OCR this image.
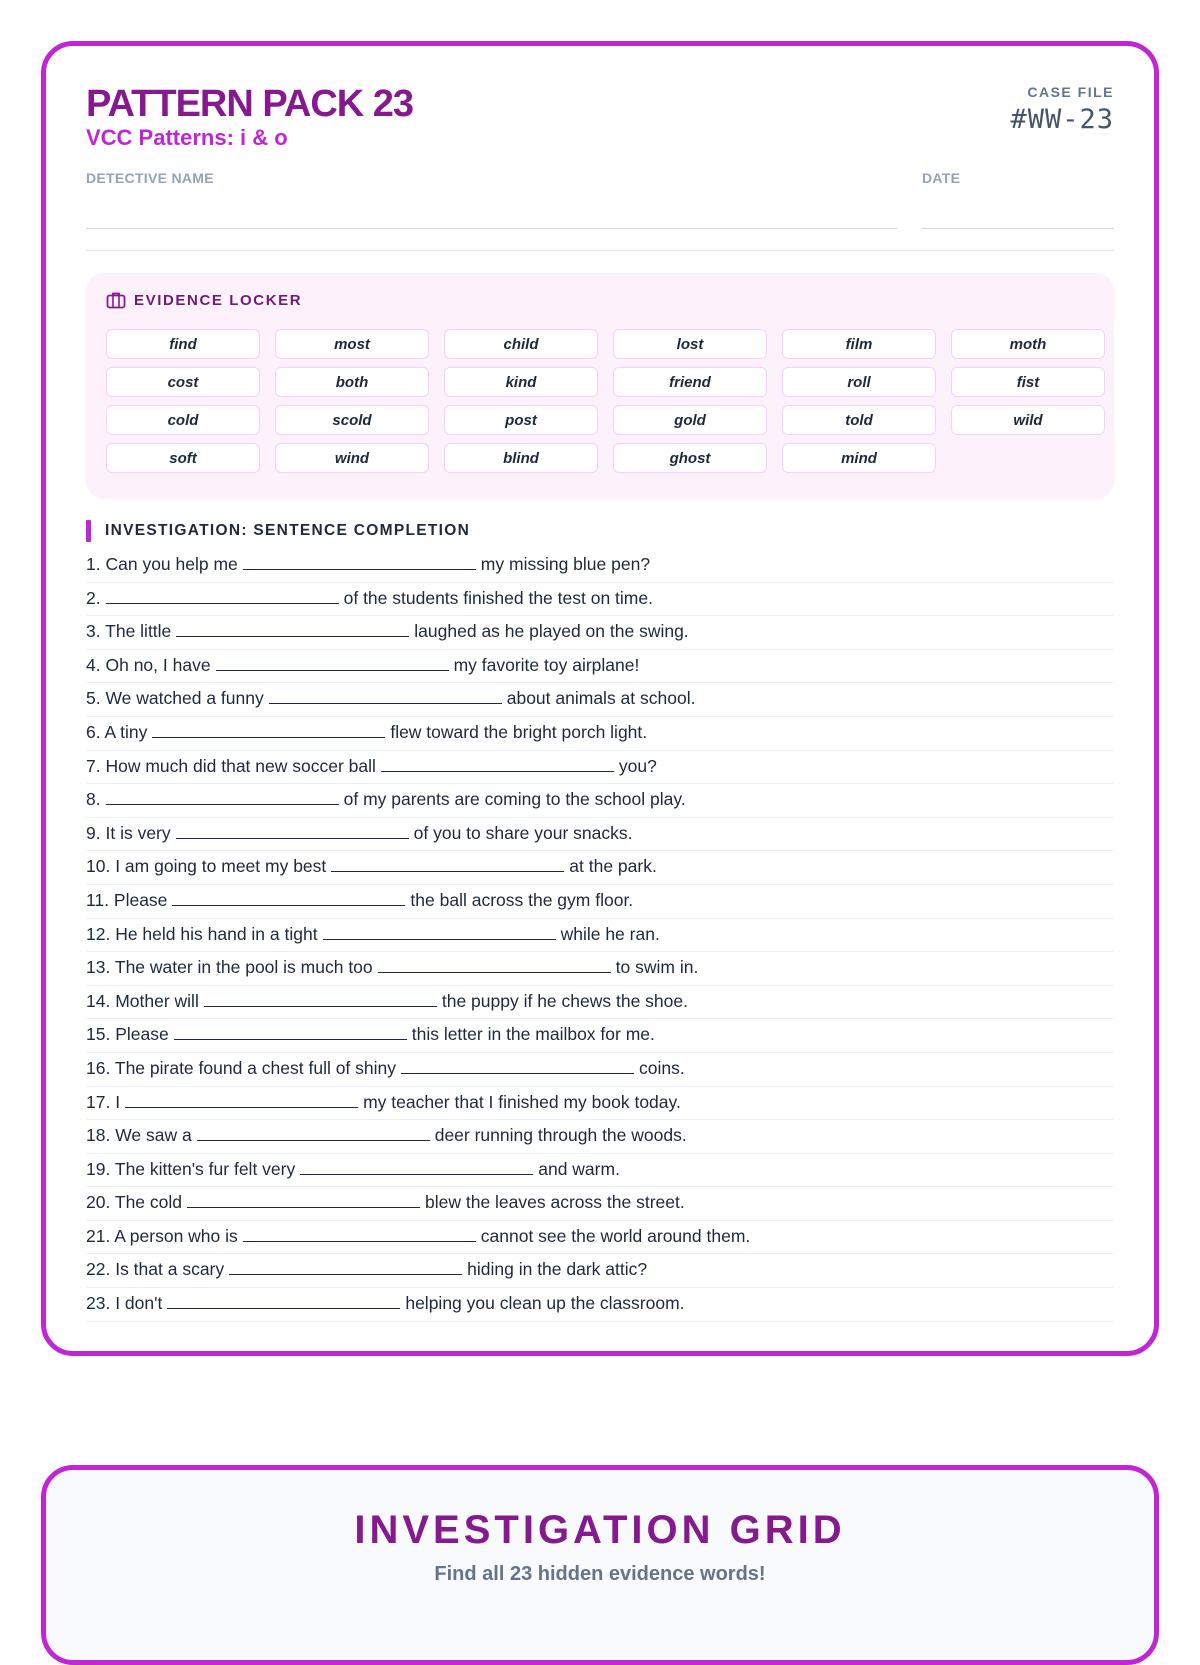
PATTERN PACK 23
VCC Patterns: i & o
CASE FILE
#WW-23
DETECTIVE NAME	DATE
EVIDENCE LOCKER
find	most	child	lost	film	moth
cost	both	kind	friend	roll	fist
cold	scold	post	gold	told	wild
soft	wind	blind	ghost	mind
INVESTIGATION: SENTENCE COMPLETION
1. Can you help me	my missing blue pen?
2.	of the students finished the test on time.
3. The little	laughed as he played on the swing.
4. Oh no, I have	my favorite toy airplane!
5. We watched a funny	about animals at school.
6. A tiny	flew toward the bright porch light.
7. How much did that new soccer ball	you?
8.	of my parents are coming to the school play.
9. It is very	of you to share your snacks.
10. I am going to meet my best	at the park.
11. Please	the ball across the gym floor.
12. He held his hand in a tight	while he ran.
13. The water in the pool is much too	to swim in.
14. Mother will	the puppy if he chews the shoe.
15. Please	this letter in the mailbox for me.
16. The pirate found a chest full of shiny	coins.
17. I	my teacher that I finished my book today.
18. We saw a	deer running through the woods.
19. The kitten's fur felt very	and warm.
20. The cold	blew the leaves across the street.
21. A person who is	cannot see the world around them.
22. Is that a scary	hiding in the dark attic?
23. I don't	helping you clean up the classroom.
INVESTIGATION GRID
Find all 23 hidden evidence words!
